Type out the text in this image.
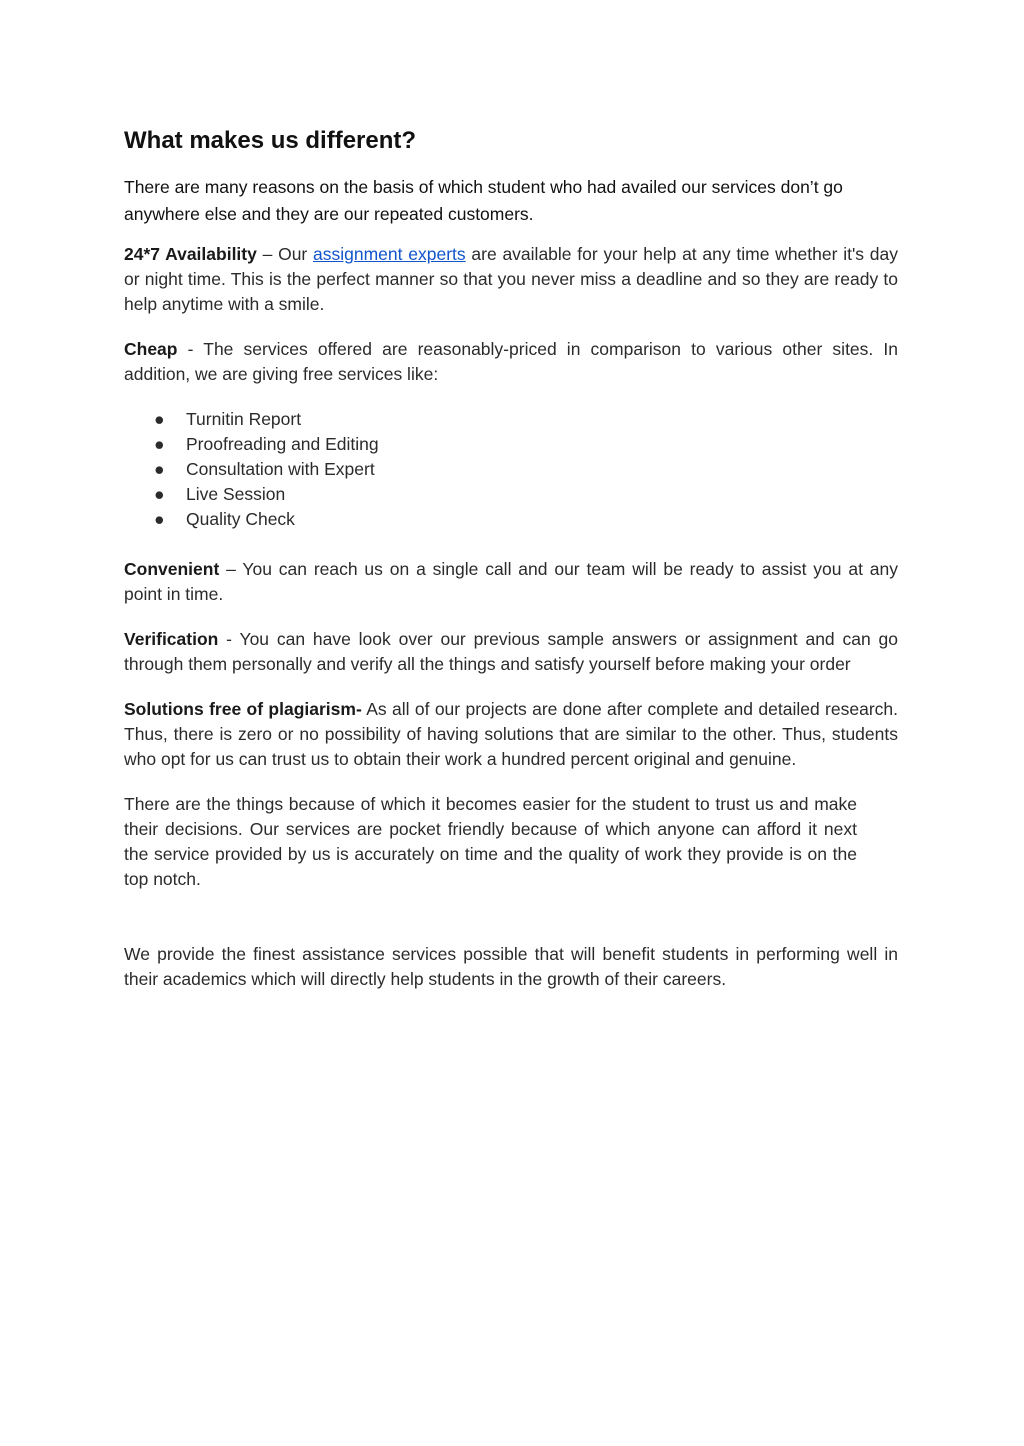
What makes us different?

There are many reasons on the basis of which student who had availed our services don’t go anywhere else and they are our repeated customers.

24*7 Availability – Our assignment experts are available for your help at any time whether it's day or night time. This is the perfect manner so that you never miss a deadline and so they are ready to help anytime with a smile.

Cheap - The services offered are reasonably-priced in comparison to various other sites. In addition, we are giving free services like:

● Turnitin Report
● Proofreading and Editing
● Consultation with Expert
● Live Session
● Quality Check

Convenient – You can reach us on a single call and our team will be ready to assist you at any point in time.

Verification - You can have look over our previous sample answers or assignment and can go through them personally and verify all the things and satisfy yourself before making your order

Solutions free of plagiarism- As all of our projects are done after complete and detailed research. Thus, there is zero or no possibility of having solutions that are similar to the other. Thus, students who opt for us can trust us to obtain their work a hundred percent original and genuine.

There are the things because of which it becomes easier for the student to trust us and make their decisions. Our services are pocket friendly because of which anyone can afford it next the service provided by us is accurately on time and the quality of work they provide is on the top notch.

We provide the finest assistance services possible that will benefit students in performing well in their academics which will directly help students in the growth of their careers.
